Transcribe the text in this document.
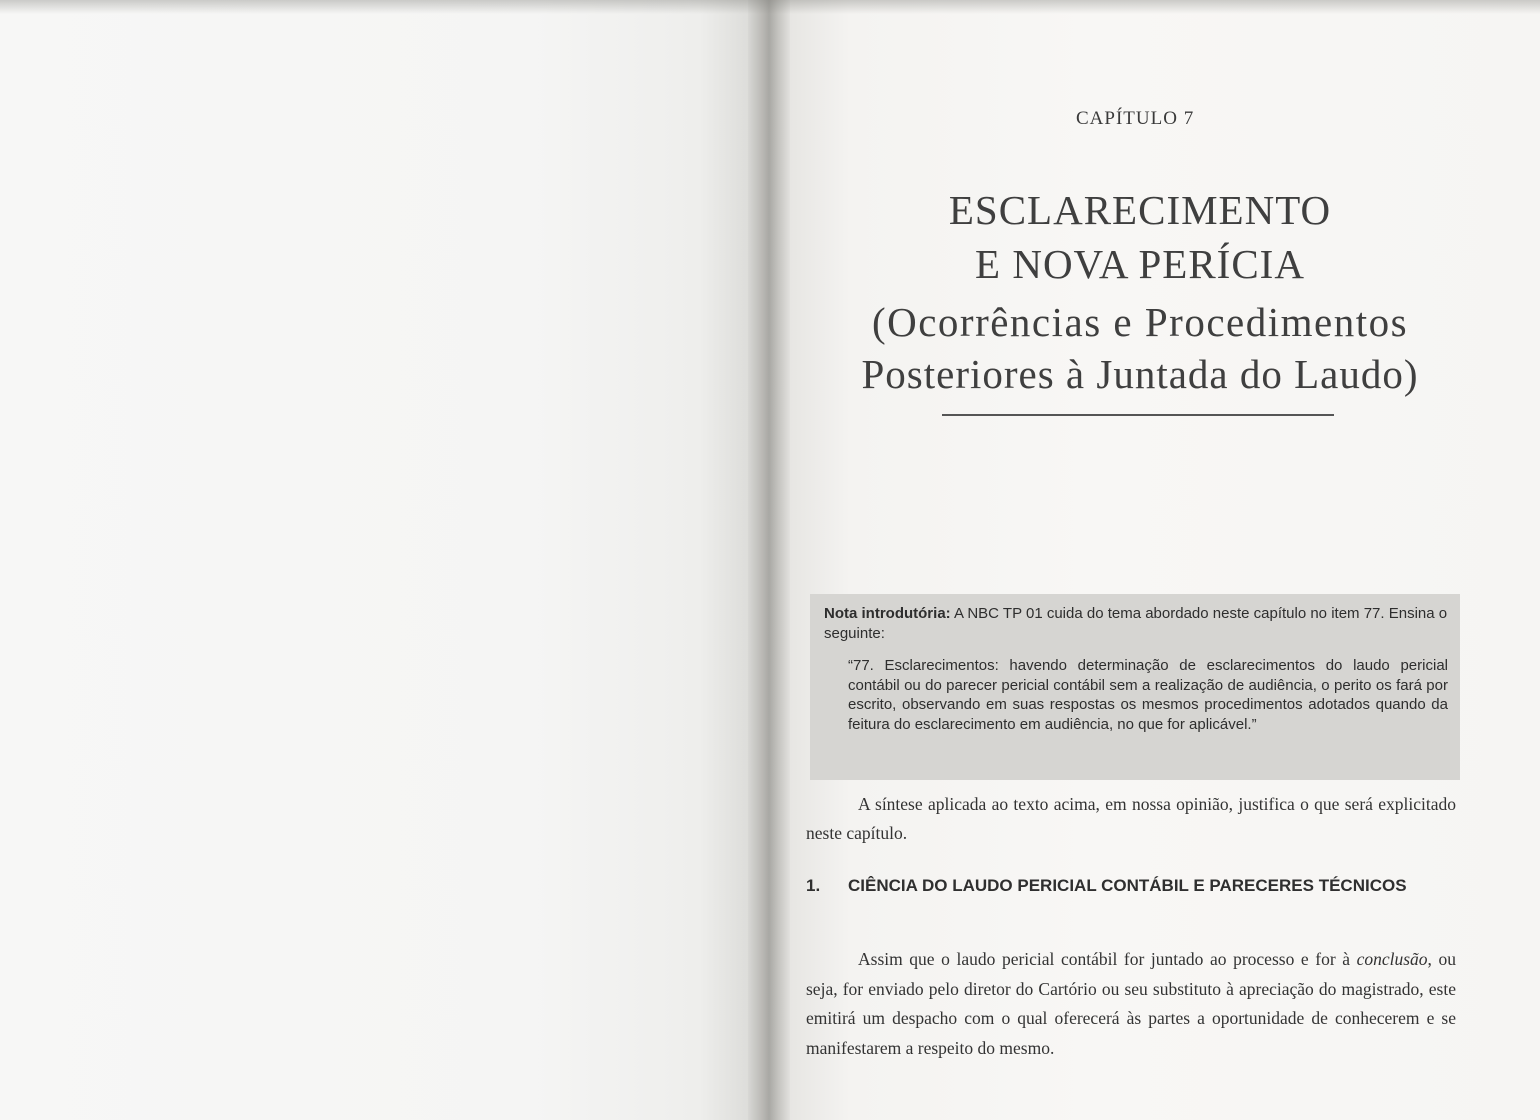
CAPÍTULO 7
ESCLARECIMENTO
E NOVA PERÍCIA
(Ocorrências e Procedimentos
Posteriores à Juntada do Laudo)
Nota introdutória: A NBC TP 01 cuida do tema abordado neste capítulo no item 77. Ensina o seguinte:
“77. Esclarecimentos: havendo determinação de esclarecimentos do laudo pericial contábil ou do parecer pericial contábil sem a realização de audiência, o perito os fará por escrito, observando em suas respostas os mesmos procedimentos adotados quando da feitura do esclarecimento em audiência, no que for aplicável.”
A síntese aplicada ao texto acima, em nossa opinião, justifica o que será explicitado neste capítulo.
1.	CIÊNCIA DO LAUDO PERICIAL CONTÁBIL E PARECERES TÉCNICOS
Assim que o laudo pericial contábil for juntado ao processo e for à conclusão, ou seja, for enviado pelo diretor do Cartório ou seu substituto à apreciação do magistrado, este emitirá um despacho com o qual oferecerá às partes a oportunidade de conhecerem e se manifestarem a respeito do mesmo.
